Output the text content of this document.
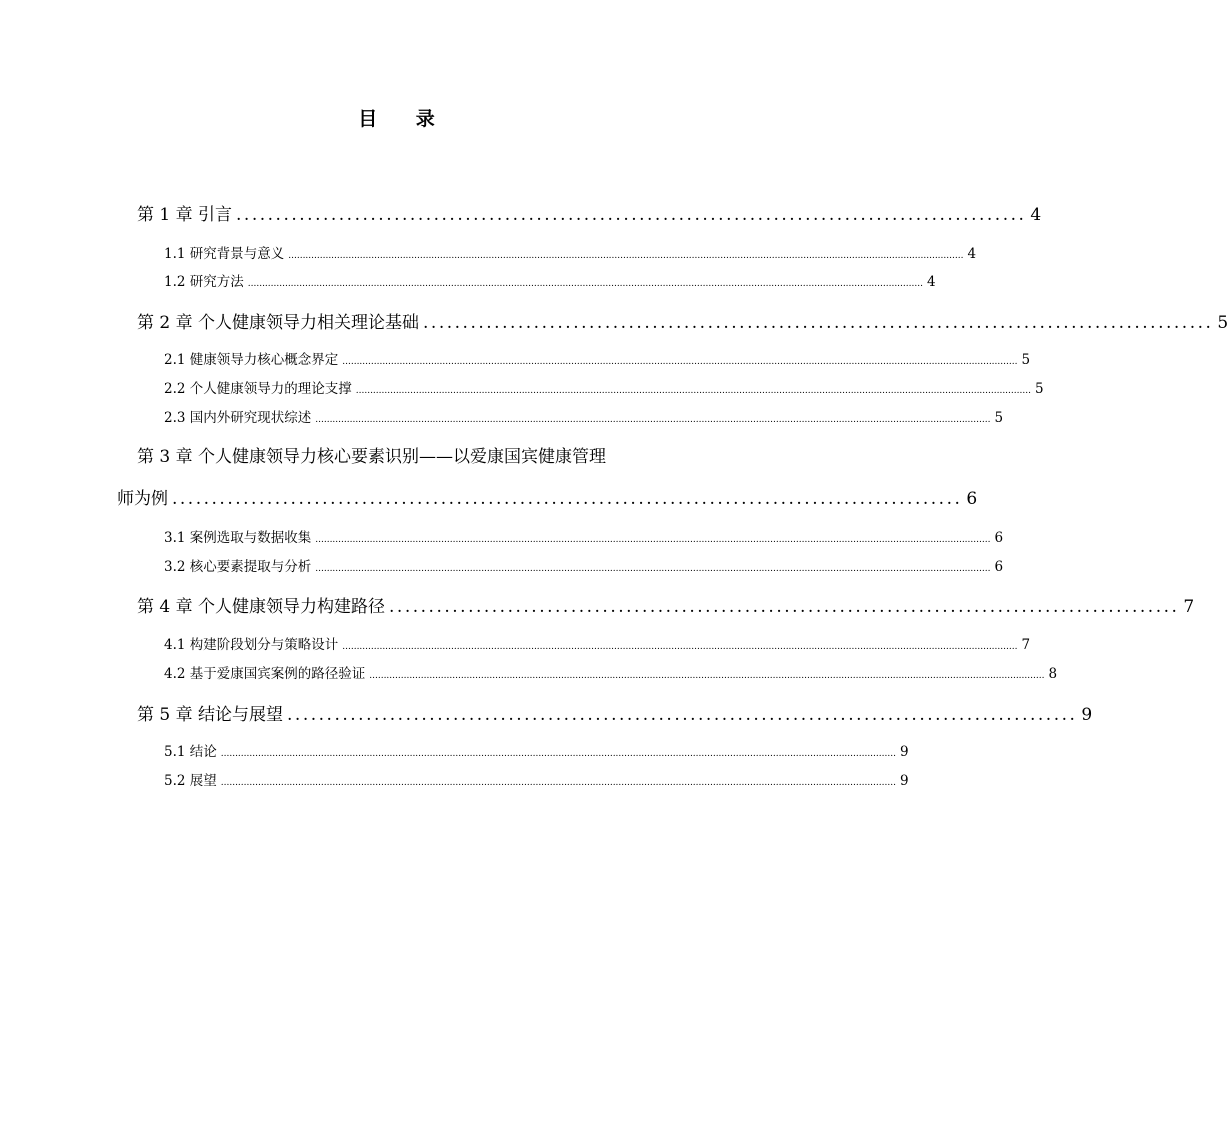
目 录
第 1 章 引言 .................................................................................................... 4
1.1 研究背景与意义 ............................................................................................................................................................................................................................................ 4
1.2 研究方法 ............................................................................................................................................................................................................................................ 4
第 2 章 个人健康领导力相关理论基础 .................................................................................................... 5
2.1 健康领导力核心概念界定 ............................................................................................................................................................................................................................................ 5
2.2 个人健康领导力的理论支撑 ............................................................................................................................................................................................................................................ 5
2.3 国内外研究现状综述 ............................................................................................................................................................................................................................................ 5
第 3 章 个人健康领导力核心要素识别——以爱康国宾健康管理
师为例 .................................................................................................... 6
3.1 案例选取与数据收集 ............................................................................................................................................................................................................................................ 6
3.2 核心要素提取与分析 ............................................................................................................................................................................................................................................ 6
第 4 章 个人健康领导力构建路径 .................................................................................................... 7
4.1 构建阶段划分与策略设计 ............................................................................................................................................................................................................................................ 7
4.2 基于爱康国宾案例的路径验证 ............................................................................................................................................................................................................................................ 8
第 5 章 结论与展望 .................................................................................................... 9
5.1 结论 ............................................................................................................................................................................................................................................ 9
5.2 展望 ............................................................................................................................................................................................................................................ 9
